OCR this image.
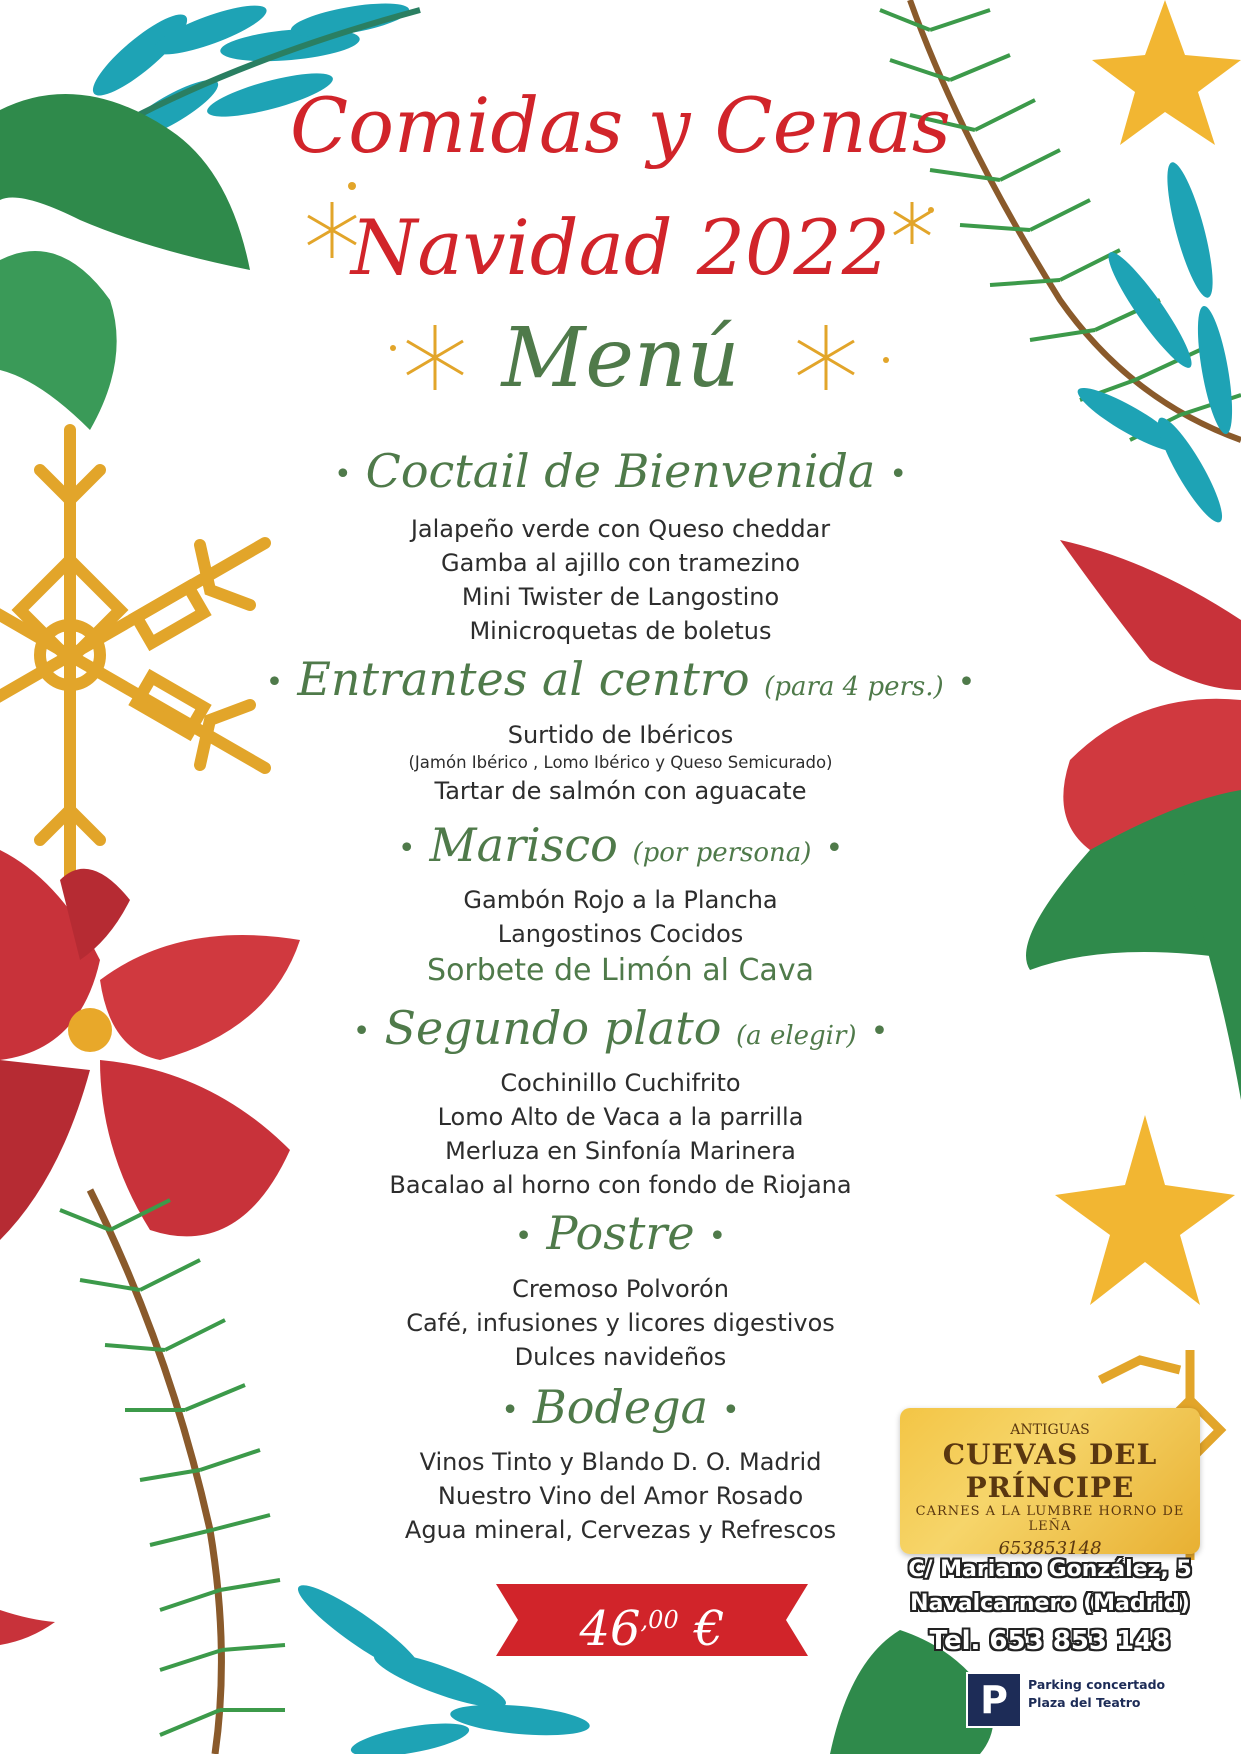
Comidas y Cenas
Navidad 2022
Menú
• Coctail de Bienvenida •
Jalapeño verde con Queso cheddar
Gamba al ajillo con tramezino
Mini Twister de Langostino
Minicroquetas de boletus
• Entrantes al centro (para 4 pers.) •
Surtido de Ibéricos
(Jamón Ibérico , Lomo Ibérico y Queso Semicurado)
Tartar de salmón con aguacate
• Marisco (por persona) •
Gambón Rojo a la Plancha
Langostinos Cocidos
Sorbete de Limón al Cava
• Segundo plato (a elegir) •
Cochinillo Cuchifrito
Lomo Alto de Vaca a la parrilla
Merluza en Sinfonía Marinera
Bacalao al horno con fondo de Riojana
• Postre •
Cremoso Polvorón
Café, infusiones y licores digestivos
Dulces navideños
• Bodega •
Vinos Tinto y Blando D. O. Madrid
Nuestro Vino del Amor Rosado
Agua mineral, Cervezas y Refrescos
$46^{,00}$ €
ANTIGUAS
CUEVAS DEL PRÍNCIPE
CARNES A LA LUMBRE HORNO DE LEÑA
653853148
C/ Mariano González, 5
Navalcarnero (Madrid)
Tel. 653 853 148
P	Parking concertado
Plaza del Teatro
